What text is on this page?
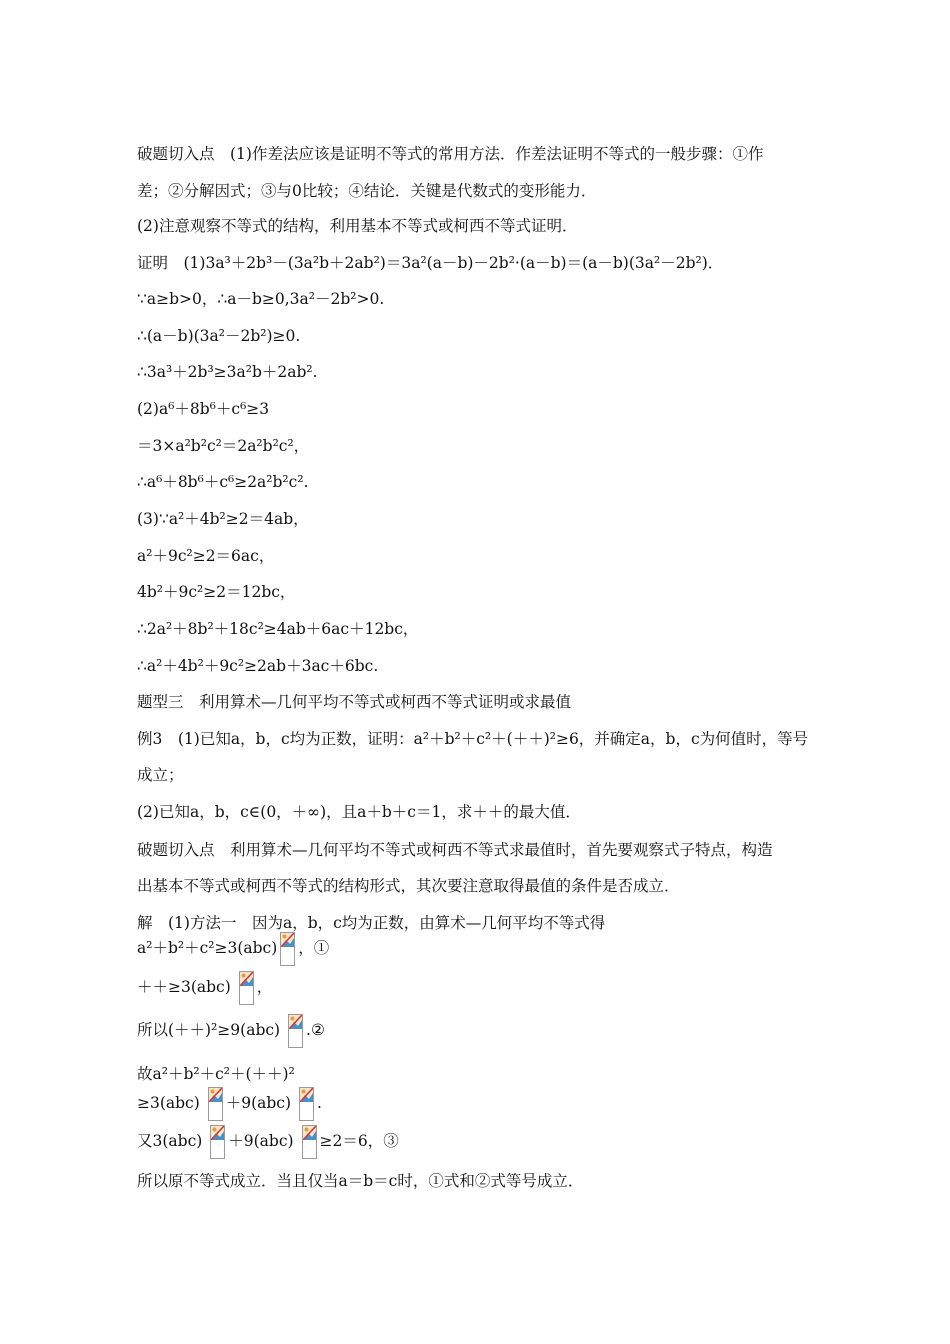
破题切入点　(1)作差法应该是证明不等式的常用方法．作差法证明不等式的一般步骤：①作
差；②分解因式；③与0比较；④结论．关键是代数式的变形能力．
(2)注意观察不等式的结构，利用基本不等式或柯西不等式证明．
证明　(1)3a³＋2b³－(3a²b＋2ab²)＝3a²(a－b)－2b²·(a－b)＝(a－b)(3a²－2b²)．
∵a≥b>0，∴a－b≥0,3a²－2b²>0.
∴(a－b)(3a²－2b²)≥0.
∴3a³＋2b³≥3a²b＋2ab².
(2)a⁶＋8b⁶＋c⁶≥3
＝3×a²b²c²＝2a²b²c²，
∴a⁶＋8b⁶＋c⁶≥2a²b²c².
(3)∵a²＋4b²≥2＝4ab，
a²＋9c²≥2＝6ac，
4b²＋9c²≥2＝12bc，
∴2a²＋8b²＋18c²≥4ab＋6ac＋12bc，
∴a²＋4b²＋9c²≥2ab＋3ac＋6bc.
题型三　利用算术—几何平均不等式或柯西不等式证明或求最值
例3　(1)已知a，b，c均为正数，证明：a²＋b²＋c²＋(＋＋)²≥6，并确定a，b，c为何值时，等号
成立；
(2)已知a，b，c∈(0，＋∞)，且a＋b＋c＝1，求＋＋的最大值．
破题切入点　利用算术—几何平均不等式或柯西不等式求最值时，首先要观察式子特点，构造
出基本不等式或柯西不等式的结构形式，其次要注意取得最值的条件是否成立．
解　(1)方法一　因为a，b，c均为正数，由算术—几何平均不等式得
a²＋b²＋c²≥3(abc) ，①
＋＋≥3(abc) ，
所以(＋＋)²≥9(abc) .②
故a²＋b²＋c²＋(＋＋)²
≥3(abc) ＋9(abc) .
又3(abc) ＋9(abc) ≥2＝6，③
所以原不等式成立．当且仅当a＝b＝c时，①式和②式等号成立．
